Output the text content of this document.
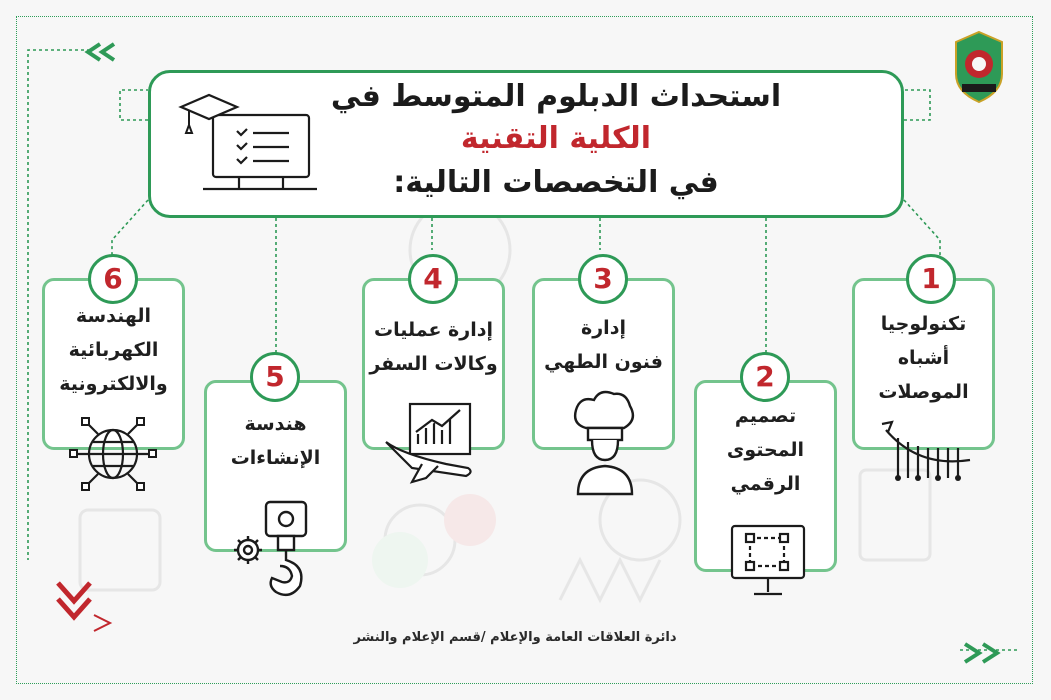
استحداث الدبلوم المتوسط في
الكلية التقنية
في التخصصات التالية:
تكنولوجيا
أشباه
الموصلات
1
تصميم
المحتوى
الرقمي
2
إدارة
فنون الطهي
3
إدارة عمليات
وكالات السفر
4
هندسة
الإنشاءات
5
الهندسة
الكهربائية
والالكترونية
6
دائرة العلاقات العامة والإعلام /قسم الإعلام والنشر
